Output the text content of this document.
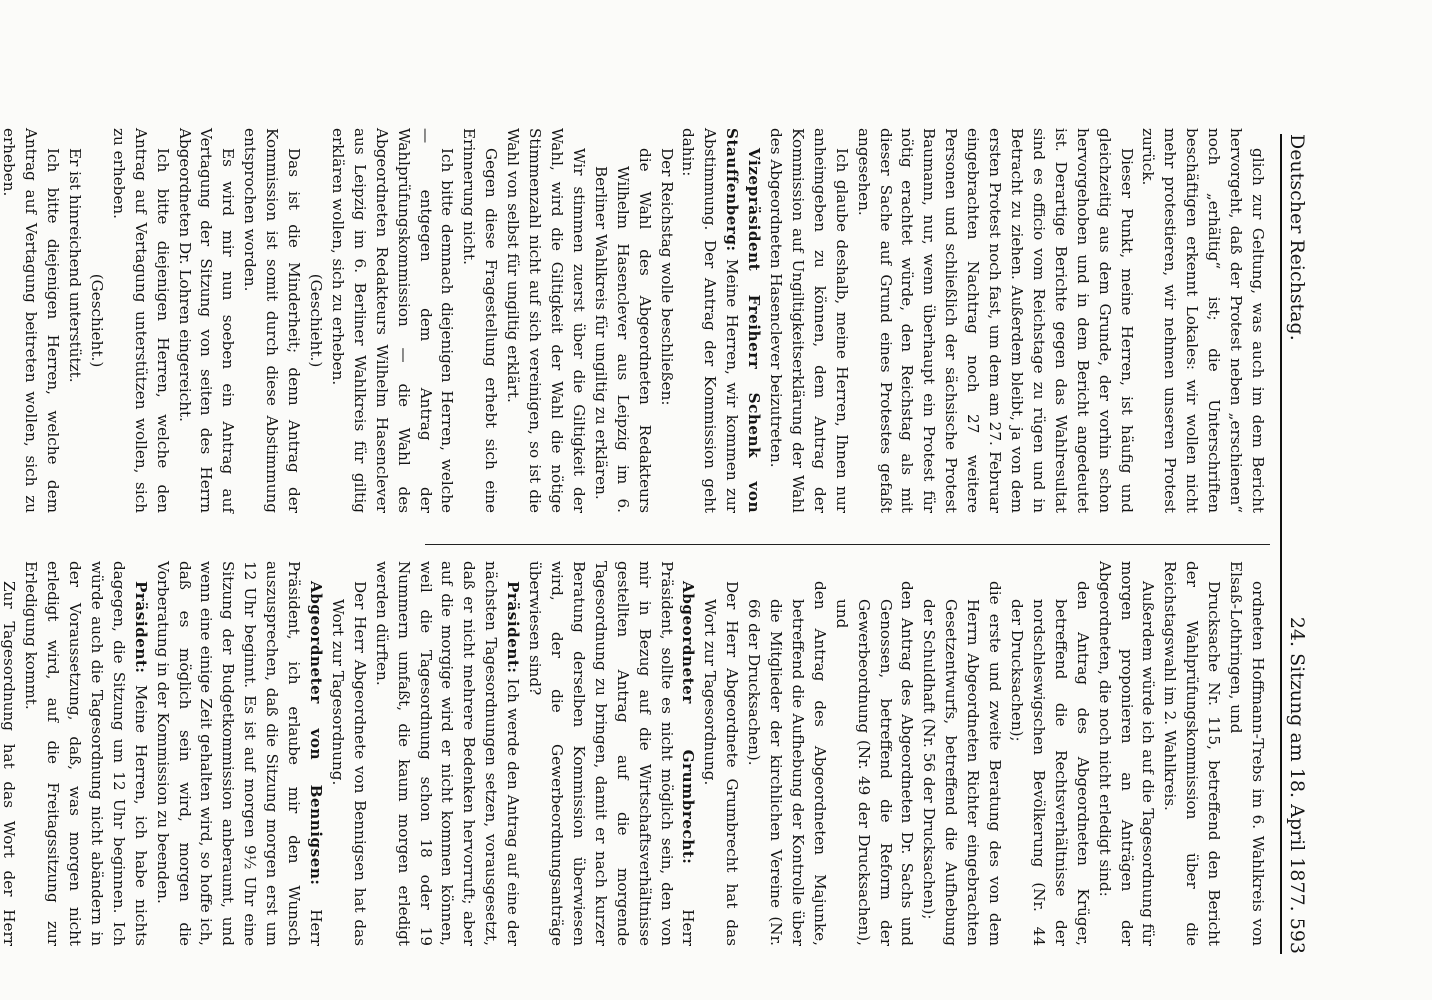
Deutscher Reichstag.
24. Sitzung am 18. April 1877. 593

glich zur Geltung, was auch im dem Bericht hervorgeht, daß der Protest neben „erschienen“ noch „erhältig“ ist; die Unterschriften beschäftigen erkennt Lokales: wir wollen nicht mehr protestieren, wir nehmen unseren Protest zurück.

Dieser Punkt, meine Herren, ist häufig und gleichzeitig aus dem Grunde, der vorhin schon hervorgehoben und in dem Bericht angedeutet ist. Derartige Berichte gegen das Wahlresultat sind es officio vom Reichstage zu rügen und in Betracht zu ziehen. Außerdem bleibt, ja von dem ersten Protest noch fast, um dem am 27. Februar eingebrachten Nachtrag noch 27 weitere Personen und schließlich der sächsische Protest Baumann, nur, wenn überhaupt ein Protest für nötig erachtet würde, den Reichstag als mit dieser Sache auf Grund eines Protestes gefaßt angesehen.

Ich glaube deshalb, meine Herren, Ihnen nur anheimgeben zu können, dem Antrag der Kommission auf Ungiltigkeitserklärung der Wahl des Abgeordneten Hasenclever beizutreten.

Vizepräsident Freiherr Schenk von Stauffenberg: Meine Herren, wir kommen zur Abstimmung. Der Antrag der Kommission geht dahin:

Der Reichstag wolle beschließen:

die Wahl des Abgeordneten Redakteurs Wilhelm Hasenclever aus Leipzig im 6. Berliner Wahlkreis für ungiltig zu erklären.

Wir stimmen zuerst über die Giltigkeit der Wahl, wird die Giltigkeit der Wahl die nötige Stimmenzahl nicht auf sich vereinigen, so ist die Wahl von selbst für ungiltig erklärt.

Gegen diese Fragestellung erhebt sich eine Erinnerung nicht.

Ich bitte demnach diejenigen Herren, welche — entgegen dem Antrag der Wahlprüfungskommission — die Wahl des Abgeordneten Redakteurs Wilhelm Hasenclever aus Leipzig im 6. Berliner Wahlkreis für giltig erklären wollen, sich zu erheben.

(Geschieht.)

Das ist die Minderheit; denn Antrag der Kommission ist somit durch diese Abstimmung entsprochen worden.

Es wird mir nun soeben ein Antrag auf Vertagung der Sitzung von seiten des Herrn Abgeordneten Dr. Lohren eingereicht.

Ich bitte diejenigen Herren, welche den Antrag auf Vertagung unterstützen wollen, sich zu erheben.

(Geschieht.)

Er ist hinreichend unterstützt.

Ich bitte diejenigen Herren, welche dem Antrag auf Vertagung beitreten wollen, sich zu erheben.

ordneten Hoffmann-Trebs im 6. Wahlkreis von Elsaß-Lothringen, und

Drucksache Nr. 115, betreffend den Bericht der Wahlprüfungskommission über die Reichstagswahl im 2. Wahlkreis.

Außerdem würde ich auf die Tagesordnung für morgen proponieren an Anträgen der Abgeordneten, die noch nicht erledigt sind:

den Antrag des Abgeordneten Krüger, betreffend die Rechtsverhältnisse der nordschleswigschen Bevölkerung (Nr. 44 der Drucksachen);

die erste und zweite Beratung des von dem Herrn Abgeordneten Richter eingebrachten Gesetzentwurfs, betreffend die Aufhebung der Schuldhaft (Nr. 56 der Drucksachen);

den Antrag des Abgeordneten Dr. Sachs und Genossen, betreffend die Reform der Gewerbeordnung (Nr. 49 der Drucksachen), und

den Antrag des Abgeordneten Majunke, betreffend die Aufhebung der Kontrolle über die Mitglieder der kirchlichen Vereine (Nr. 66 der Drucksachen).

Der Herr Abgeordnete Grumbrecht hat das Wort zur Tagesordnung.

Abgeordneter Grumbrecht: Herr Präsident, sollte es nicht möglich sein, den von mir in Bezug auf die Wirtschaftsverhältnisse gestellten Antrag auf die morgende Tagesordnung zu bringen, damit er nach kurzer Beratung derselben Kommission überwiesen wird, der die Gewerbeordnungsanträge überwiesen sind?

Präsident: Ich werde den Antrag auf eine der nächsten Tagesordnungen setzen, vorausgesetzt, daß er nicht mehrere Bedenken hervorruft; aber auf die morgige wird er nicht kommen können, weil die Tagesordnung schon 18 oder 19 Nummern umfaßt, die kaum morgen erledigt werden dürften.

Der Herr Abgeordnete von Bennigsen hat das Wort zur Tagesordnung.

Abgeordneter von Bennigsen: Herr Präsident, ich erlaube mir den Wunsch auszusprechen, daß die Sitzung morgen erst um 12 Uhr beginnt. Es ist auf morgen 9½ Uhr eine Sitzung der Budgetkommission anberaumt, und wenn eine einige Zeit gehalten wird, so hoffe ich, daß es möglich sein wird, morgen die Vorberatung in der Kommission zu beenden.

Präsident: Meine Herren, ich habe nichts dagegen, die Sitzung um 12 Uhr beginnen. Ich würde auch die Tagesordnung nicht abändern in der Voraussetzung, daß, was morgen nicht erledigt wird, auf die Freitagssitzung zur Erledigung kommt.

Zur Tagesordnung hat das Wort der Herr
